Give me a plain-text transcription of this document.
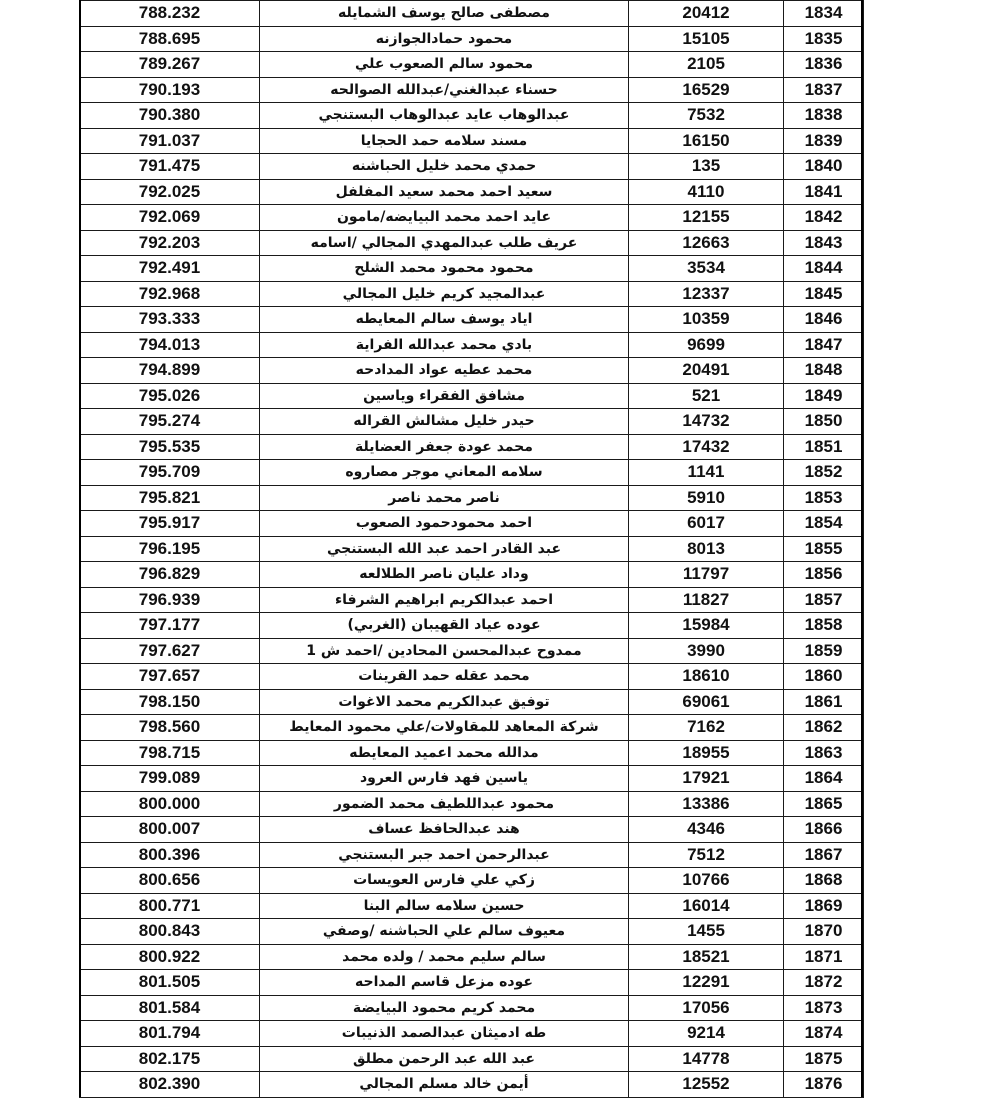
788.232	مصطفى صالح يوسف الشمايله	20412	1834
788.695	محمود حمادالجوازنه	15105	1835
789.267	محمود سالم الصعوب علي	2105	1836
790.193	حسناء عبدالغني/عبدالله الصوالحه	16529	1837
790.380	عبدالوهاب عايد عبدالوهاب البستنجي	7532	1838
791.037	مسند سلامه حمد الحجايا	16150	1839
791.475	حمدي محمد خليل الحباشنه	135	1840
792.025	سعيد احمد محمد سعيد المفلفل	4110	1841
792.069	عايد احمد محمد البيايضه/مامون	12155	1842
792.203	عريف طلب عبدالمهدي المجالي /اسامه	12663	1843
792.491	محمود محمود محمد الشلح	3534	1844
792.968	عبدالمجيد كريم خليل المجالي	12337	1845
793.333	اياد يوسف سالم المعايطه	10359	1846
794.013	بادي محمد عبدالله الفراية	9699	1847
794.899	محمد عطيه عواد المدادحه	20491	1848
795.026	مشافق الفقراء وياسين	521	1849
795.274	حيدر خليل مشالش القراله	14732	1850
795.535	محمد عودة جعفر العضايلة	17432	1851
795.709	سلامه المعاني موجر مصاروه	1141	1852
795.821	ناصر محمد ناصر	5910	1853
795.917	احمد محمودحمود الصعوب	6017	1854
796.195	عبد القادر احمد عبد الله البستنجي	8013	1855
796.829	وداد عليان ناصر الطلالعه	11797	1856
796.939	احمد عبدالكريم ابراهيم الشرفاء	11827	1857
797.177	عوده عياد القهيبان (الغربي)	15984	1858
797.627	ممدوح عبدالمحسن المحادين /احمد ش 1	3990	1859
797.657	محمد عقله حمد القرينات	18610	1860
798.150	توفيق عبدالكريم محمد الاغوات	69061	1861
798.560	شركة المعاهد للمقاولات/علي محمود المعايط	7162	1862
798.715	مدالله محمد اعميد المعايطه	18955	1863
799.089	ياسين فهد فارس العرود	17921	1864
800.000	محمود عبداللطيف محمد الضمور	13386	1865
800.007	هند عبدالحافظ عساف	4346	1866
800.396	عبدالرحمن احمد جبر البستنجي	7512	1867
800.656	زكي علي فارس العويسات	10766	1868
800.771	حسين سلامه سالم البنا	16014	1869
800.843	معيوف سالم علي الحباشنه /وصفي	1455	1870
800.922	سالم سليم محمد / ولده محمد	18521	1871
801.505	عوده مزعل قاسم المداحه	12291	1872
801.584	محمد كريم محمود البيايضة	17056	1873
801.794	طه ادميثان عبدالصمد الذنيبات	9214	1874
802.175	عبد الله عبد الرحمن مطلق	14778	1875
802.390	أيمن خالد مسلم المجالي	12552	1876
